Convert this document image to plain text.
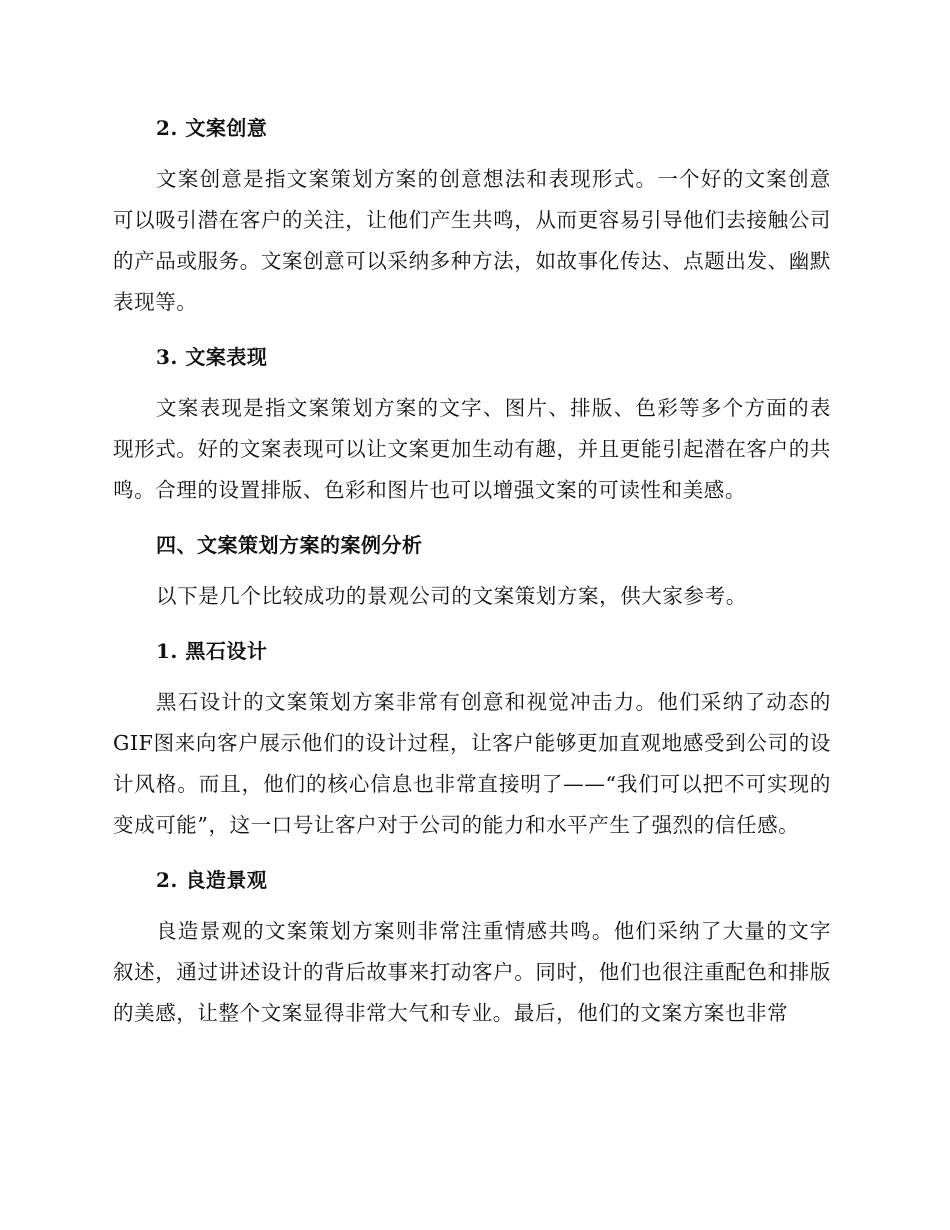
2. 文案创意

文案创意是指文案策划方案的创意想法和表现形式。一个好的文案创意可以吸引潜在客户的关注，让他们产生共鸣，从而更容易引导他们去接触公司的产品或服务。文案创意可以采纳多种方法，如故事化传达、点题出发、幽默表现等。

3. 文案表现

文案表现是指文案策划方案的文字、图片、排版、色彩等多个方面的表现形式。好的文案表现可以让文案更加生动有趣，并且更能引起潜在客户的共鸣。合理的设置排版、色彩和图片也可以增强文案的可读性和美感。

四、文案策划方案的案例分析

以下是几个比较成功的景观公司的文案策划方案，供大家参考。

1. 黑石设计

黑石设计的文案策划方案非常有创意和视觉冲击力。他们采纳了动态的GIF图来向客户展示他们的设计过程，让客户能够更加直观地感受到公司的设计风格。而且，他们的核心信息也非常直接明了——“我们可以把不可实现的变成可能”，这一口号让客户对于公司的能力和水平产生了强烈的信任感。

2. 良造景观

良造景观的文案策划方案则非常注重情感共鸣。他们采纳了大量的文字叙述，通过讲述设计的背后故事来打动客户。同时，他们也很注重配色和排版的美感，让整个文案显得非常大气和专业。最后，他们的文案方案也非常
